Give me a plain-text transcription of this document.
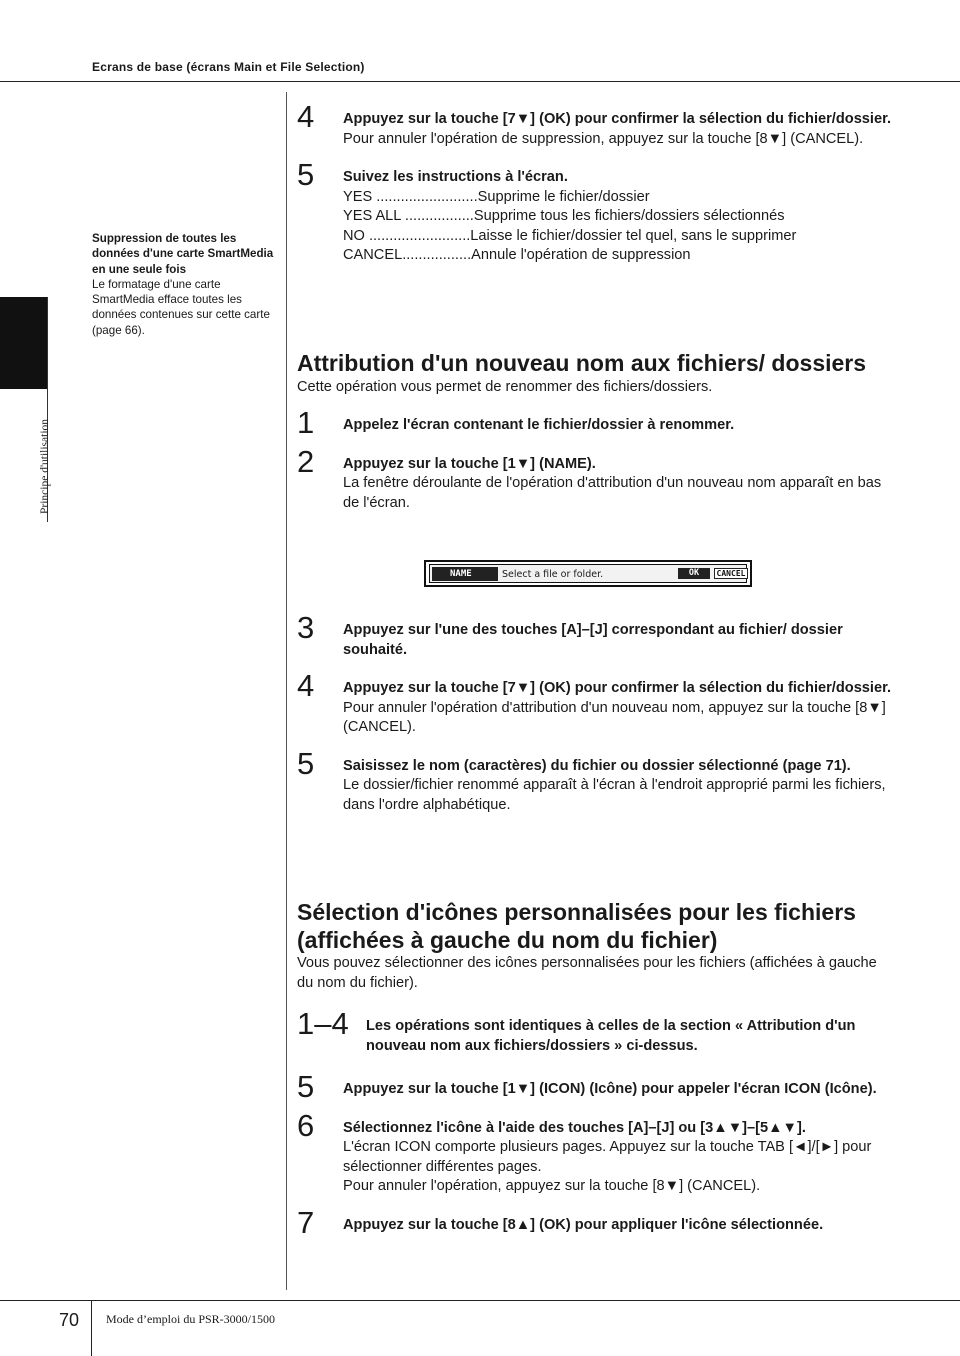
Ecrans de base (écrans Main et File Selection)
Principe d'utilisation
Suppression de toutes les données d'une carte SmartMedia en une seule fois
Le formatage d'une carte SmartMedia efface toutes les données contenues sur cette carte (page 66).
4 Appuyez sur la touche [7▼] (OK) pour confirmer la sélection du fichier/dossier.
Pour annuler l'opération de suppression, appuyez sur la touche [8▼] (CANCEL).
5 Suivez les instructions à l'écran.
YES .........................Supprime le fichier/dossier
YES ALL .................Supprime tous les fichiers/dossiers sélectionnés
NO .........................Laisse le fichier/dossier tel quel, sans le supprimer
CANCEL.................Annule l'opération de suppression
Attribution d'un nouveau nom aux fichiers/ dossiers
Cette opération vous permet de renommer des fichiers/dossiers.
1 Appelez l'écran contenant le fichier/dossier à renommer.
2 Appuyez sur la touche [1▼] (NAME).
La fenêtre déroulante de l'opération d'attribution d'un nouveau nom apparaît en bas de l'écran.
NAME	Select a file or folder.	OK	CANCEL
3 Appuyez sur l'une des touches [A]–[J] correspondant au fichier/ dossier souhaité.
4 Appuyez sur la touche [7▼] (OK) pour confirmer la sélection du fichier/dossier.
Pour annuler l'opération d'attribution d'un nouveau nom, appuyez sur la touche [8▼] (CANCEL).
5 Saisissez le nom (caractères) du fichier ou dossier sélectionné (page 71).
Le dossier/fichier renommé apparaît à l'écran à l'endroit approprié parmi les fichiers, dans l'ordre alphabétique.
Sélection d'icônes personnalisées pour les fichiers (affichées à gauche du nom du fichier)
Vous pouvez sélectionner des icônes personnalisées pour les fichiers (affichées à gauche du nom du fichier).
1–4 Les opérations sont identiques à celles de la section « Attribution d'un nouveau nom aux fichiers/dossiers » ci-dessus.
5 Appuyez sur la touche [1▼] (ICON) (Icône) pour appeler l'écran ICON (Icône).
6 Sélectionnez l'icône à l'aide des touches [A]–[J] ou [3▲▼]–[5▲▼].
L'écran ICON comporte plusieurs pages. Appuyez sur la touche TAB [◄]/[►] pour sélectionner différentes pages.
Pour annuler l'opération, appuyez sur la touche [8▼] (CANCEL).
7 Appuyez sur la touche [8▲] (OK) pour appliquer l'icône sélectionnée.
70 Mode d’emploi du PSR-3000/1500
